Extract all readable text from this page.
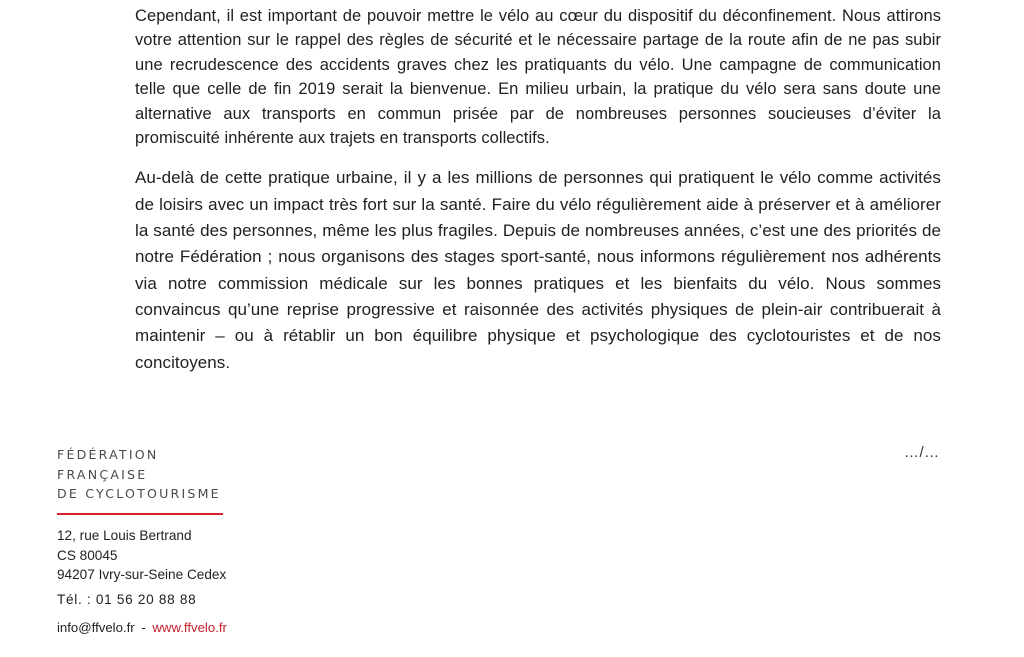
Cependant, il est important de pouvoir mettre le vélo au cœur du dispositif du déconfinement. Nous attirons votre attention sur le rappel des règles de sécurité et le nécessaire partage de la route afin de ne pas subir une recrudescence des accidents graves chez les pratiquants du vélo. Une campagne de communication telle que celle de fin 2019 serait la bienvenue. En milieu urbain, la pratique du vélo sera sans doute une alternative aux transports en commun prisée par de nombreuses personnes soucieuses d’éviter la promiscuité inhérente aux trajets en transports collectifs.

Au-delà de cette pratique urbaine, il y a les millions de personnes qui pratiquent le vélo comme activités de loisirs avec un impact très fort sur la santé. Faire du vélo régulièrement aide à préserver et à améliorer la santé des personnes, même les plus fragiles. Depuis de nombreuses années, c’est une des priorités de notre Fédération ; nous organisons des stages sport-santé, nous informons régulièrement nos adhérents via notre commission médicale sur les bonnes pratiques et les bienfaits du vélo. Nous sommes convaincus qu’une reprise progressive et raisonnée des activités physiques de plein-air contribuerait à maintenir – ou à rétablir un bon équilibre physique et psychologique des cyclotouristes et de nos concitoyens.

…/…
FÉDÉRATION
FRANÇAISE
DE CYCLOTOURISME
12, rue Louis Bertrand
CS 80045
94207 Ivry-sur-Seine Cedex
Tél. : 01 56 20 88 88
info@ffvelo.fr - www.ffvelo.fr
